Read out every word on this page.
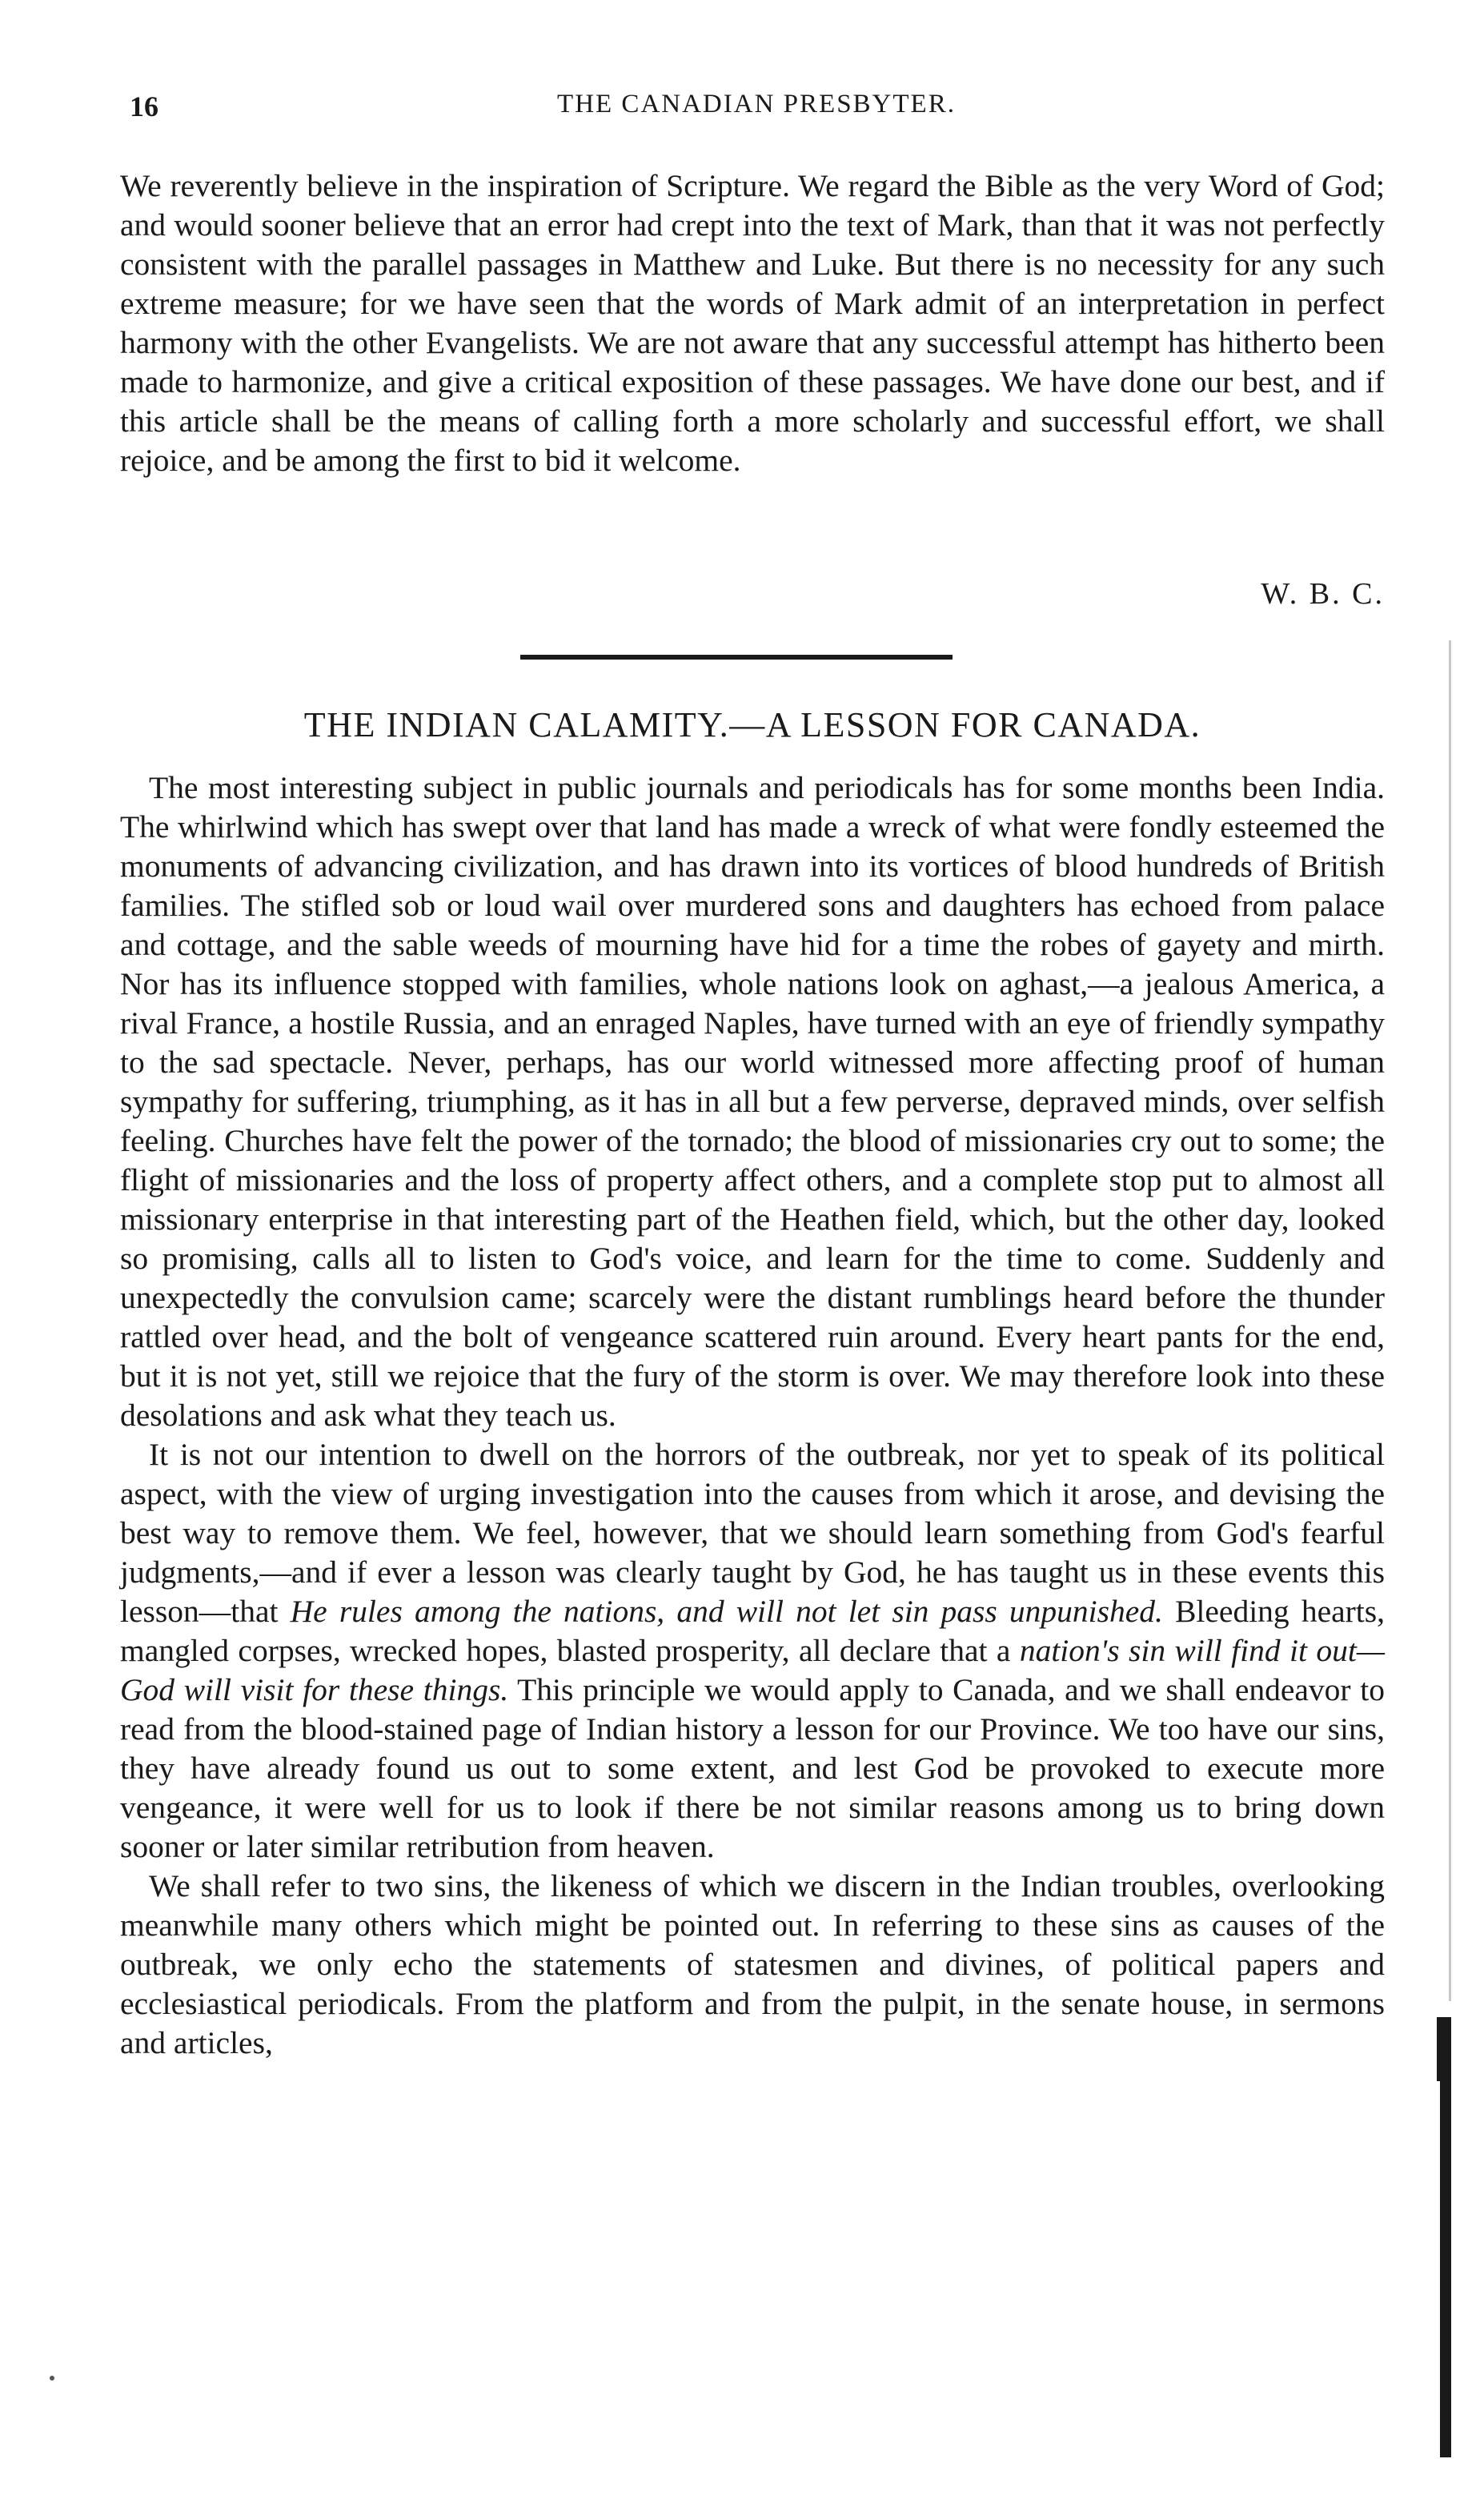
16	THE CANADIAN PRESBYTER.

We reverently believe in the inspiration of Scripture. We regard the Bible as the very Word of God; and would sooner believe that an error had crept into the text of Mark, than that it was not perfectly consistent with the parallel passages in Matthew and Luke. But there is no necessity for any such extreme measure; for we have seen that the words of Mark admit of an interpretation in perfect harmony with the other Evangelists. We are not aware that any successful attempt has hitherto been made to harmonize, and give a critical exposition of these passages. We have done our best, and if this article shall be the means of calling forth a more scholarly and successful effort, we shall rejoice, and be among the first to bid it welcome.

W. B. C.
THE INDIAN CALAMITY.—A LESSON FOR CANADA.

The most interesting subject in public journals and periodicals has for some months been India. The whirlwind which has swept over that land has made a wreck of what were fondly esteemed the monuments of advancing civilization, and has drawn into its vortices of blood hundreds of British families. The stifled sob or loud wail over murdered sons and daughters has echoed from palace and cottage, and the sable weeds of mourning have hid for a time the robes of gayety and mirth. Nor has its influence stopped with families, whole nations look on aghast,—a jealous America, a rival France, a hostile Russia, and an enraged Naples, have turned with an eye of friendly sympathy to the sad spectacle. Never, perhaps, has our world witnessed more affecting proof of human sympathy for suffering, triumphing, as it has in all but a few perverse, depraved minds, over selfish feeling. Churches have felt the power of the tornado; the blood of missionaries cry out to some; the flight of missionaries and the loss of property affect others, and a complete stop put to almost all missionary enterprise in that interesting part of the Heathen field, which, but the other day, looked so promising, calls all to listen to God's voice, and learn for the time to come. Suddenly and unexpectedly the convulsion came; scarcely were the distant rumblings heard before the thunder rattled over head, and the bolt of vengeance scattered ruin around. Every heart pants for the end, but it is not yet, still we rejoice that the fury of the storm is over. We may therefore look into these desolations and ask what they teach us.

It is not our intention to dwell on the horrors of the outbreak, nor yet to speak of its political aspect, with the view of urging investigation into the causes from which it arose, and devising the best way to remove them. We feel, however, that we should learn something from God's fearful judgments,—and if ever a lesson was clearly taught by God, he has taught us in these events this lesson—that He rules among the nations, and will not let sin pass unpunished. Bleeding hearts, mangled corpses, wrecked hopes, blasted prosperity, all declare that a nation's sin will find it out—God will visit for these things. This principle we would apply to Canada, and we shall endeavor to read from the blood-stained page of Indian history a lesson for our Province. We too have our sins, they have already found us out to some extent, and lest God be provoked to execute more vengeance, it were well for us to look if there be not similar reasons among us to bring down sooner or later similar retribution from heaven.

We shall refer to two sins, the likeness of which we discern in the Indian troubles, overlooking meanwhile many others which might be pointed out. In referring to these sins as causes of the outbreak, we only echo the statements of statesmen and divines, of political papers and ecclesiastical periodicals. From the platform and from the pulpit, in the senate house, in sermons and articles,
